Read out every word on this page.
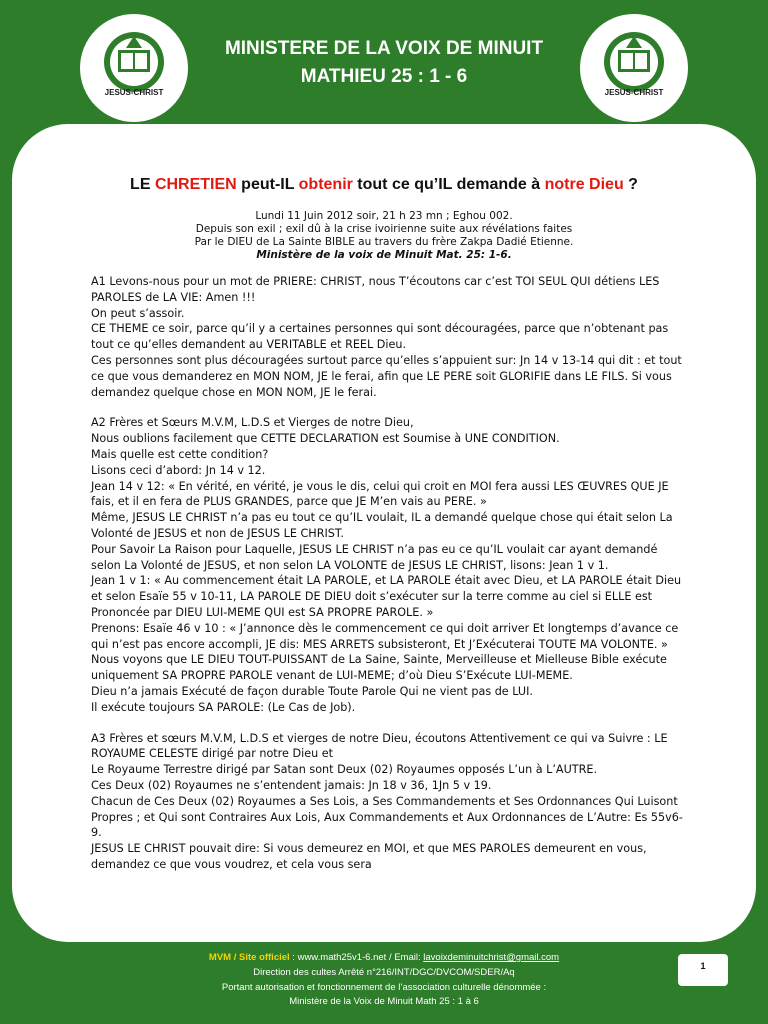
JESUS-CHRIST	JESUS-CHRIST
MINISTERE DE LA VOIX DE MINUIT
MATHIEU 25 : 1 - 6
LE CHRETIEN peut-IL obtenir tout ce qu’IL demande à notre Dieu ?
Lundi 11 Juin 2012 soir, 21 h 23 mn ; Eghou 002.
Depuis son exil ; exil dû à la crise ivoirienne suite aux révélations faites
Par le DIEU de La Sainte BIBLE au travers du frère Zakpa Dadié Etienne.
Ministère de la voix de Minuit Mat. 25: 1-6.

A1 Levons-nous pour un mot de PRIERE: CHRIST, nous T’écoutons car c’est TOI SEUL QUI détiens LES PAROLES de LA VIE: Amen !!!

On peut s’assoir.

CE THEME ce soir, parce qu’il y a certaines personnes qui sont découragées, parce que n’obtenant pas tout ce qu’elles demandent au VERITABLE et REEL Dieu.

Ces personnes sont plus découragées surtout parce qu’elles s’appuient sur: Jn 14 v 13-14 qui dit : et tout ce que vous demanderez en MON NOM, JE le ferai, afin que LE PERE soit GLORIFIE dans LE FILS. Si vous demandez quelque chose en MON NOM, JE le ferai.

A2 Frères et Sœurs M.V.M, L.D.S et Vierges de notre Dieu,

Nous oublions facilement que CETTE DECLARATION est Soumise à UNE CONDITION.

Mais quelle est cette condition?

Lisons ceci d’abord: Jn 14 v 12.

Jean 14 v 12: « En vérité, en vérité, je vous le dis, celui qui croit en MOI fera aussi LES ŒUVRES QUE JE fais, et il en fera de PLUS GRANDES, parce que JE M’en vais au PERE. »

Même, JESUS LE CHRIST n’a pas eu tout ce qu’IL voulait, IL a demandé quelque chose qui était selon La Volonté de JESUS et non de JESUS LE CHRIST.

Pour Savoir La Raison pour Laquelle, JESUS LE CHRIST n’a pas eu ce qu’IL voulait car ayant demandé selon La Volonté de JESUS, et non selon LA VOLONTE de JESUS LE CHRIST, lisons: Jean 1 v 1.

Jean 1 v 1: « Au commencement était LA PAROLE, et LA PAROLE était avec Dieu, et LA PAROLE était Dieu et selon Esaïe 55 v 10-11, LA PAROLE DE DIEU doit s’exécuter sur la terre comme au ciel si ELLE est Prononcée par DIEU LUI-MEME QUI est SA PROPRE PAROLE. »

Prenons: Esaïe 46 v 10 : « J’annonce dès le commencement ce qui doit arriver Et longtemps d’avance ce qui n’est pas encore accompli, JE dis: MES ARRETS subsisteront, Et J’Exécuterai TOUTE MA VOLONTE. »

Nous voyons que LE DIEU TOUT-PUISSANT de La Saine, Sainte, Merveilleuse et Mielleuse Bible exécute uniquement SA PROPRE PAROLE venant de LUI-MEME; d’où Dieu S’Exécute LUI-MEME.

Dieu n’a jamais Exécuté de façon durable Toute Parole Qui ne vient pas de LUI.

Il exécute toujours SA PAROLE: (Le Cas de Job).

A3 Frères et sœurs M.V.M, L.D.S et vierges de notre Dieu, écoutons Attentivement ce qui va Suivre : LE ROYAUME CELESTE dirigé par notre Dieu et

Le Royaume Terrestre dirigé par Satan sont Deux (02) Royaumes opposés L’un à L’AUTRE.

Ces Deux (02) Royaumes ne s’entendent jamais: Jn 18 v 36, 1Jn 5 v 19.

Chacun de Ces Deux (02) Royaumes a Ses Lois, a Ses Commandements et Ses Ordonnances Qui Luisont Propres ; et Qui sont Contraires Aux Lois, Aux Commandements et Aux Ordonnances de L’Autre: Es 55v6-9.

JESUS LE CHRIST pouvait dire: Si vous demeurez en MOI, et que MES PAROLES demeurent en vous, demandez ce que vous voudrez, et cela vous sera

MVM / Site officiel : www.math25v1-6.net / Email: lavoixdeminuitchrist@gmail.com
Direction des cultes Arrêté n°216/INT/DGC/DVCOM/SDER/Aq
Portant autorisation et fonctionnement de l’association culturelle dénommée :
Ministère de la Voix de Minuit Math 25 : 1 à 6
1
